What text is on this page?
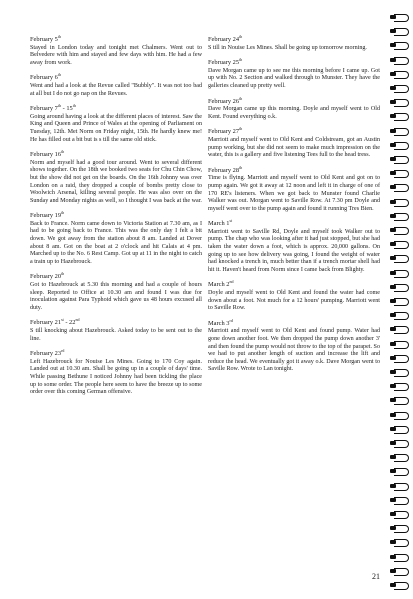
February 5th
Stayed in London today and tonight met Chalmers. Went out to Belvedere with him and stayed and few days with him. He had a few away from work.
February 6th
Went and had a look at the Revue called "Bubbly". It was not too bad at all but I do not go nap on the Revues.
February 7th - 15th
Going around having a look at the different places of interest. Saw the King and Queen and Prince of Wales at the opening of Parliament on Tuesday, 12th. Met Norm on Friday night, 15th. He hardly knew me! He has filled out a bit but is s till the same old stick.
February 16th
Norm and myself had a good tour around. Went to several different shows together. On the 18th we booked two seats for Chu Chin Chow, but the show did not get on the boards. On the 16th Johnny was over London on a raid, they dropped a couple of bombs pretty close to Woolwich Arsenal, killing several people. He was also over on the Sunday and Monday nights as well, so I thought I was back at the war.
February 19th
Back to France. Norm came down to Victoria Station at 7.30 am, as I had to be going back to France. This was the only day I felt a bit down. We got away from the station about 8 am. Landed at Dover about 8 am. Got on the boat at 2 o'clock and hit Calais at 4 pm. Marched up to the No. 6 Rest Camp. Got up at 11 in the night to catch a train up to Hazebrouck.
February 20th
Got to Hazebrouck at 5.30 this morning and had a couple of hours sleep. Reported to Office at 10.30 am and found I was due for inoculation against Para Typhoid which gave us 48 hours excused all duty.
February 21st - 22nd
S till knocking about Hazebrouck. Asked today to be sent out to the line.
February 23rd
Left Hazebrouck for Nouise Les Mines. Going to 170 Coy again. Landed out at 10.30 am. Shall be going up in a couple of days' time. While passing Bethune I noticed Johnny had been tickling the place up to some order. The people here seem to have the breeze up to some order over this coming German offensive.
February 24th
S till in Nouise Les Mines. Shall be going up tomorrow morning.
February 25th
Dave Morgan came up to see me this morning before I came up. Got up with No. 2 Section and walked through to Munster. They have the galleries cleaned up pretty well.
February 26th
Dave Morgan came up this morning. Doyle and myself went to Old Kent. Found everything o.k.
February 27th
Marriott and myself went to Old Kent and Coldstream, got an Austin pump working, but she did not seem to make much impression on the water, this is a gallery and five listening Tees full to the head tress.
February 28th
Time is flying. Marriott and myself went to Old Kent and got on to pump again. We got it away at 12 noon and left it in charge of one of 170 RE's listeners. When we got back to Munster found Charlie Walker was out. Morgan went to Saville Row. At 7.30 pm Doyle and myself went over to the pump again and found it running Tres Bien.
March 1st
Marriott went to Saville Rd, Doyle and myself took Walker out to pump. The chap who was looking after it had just stopped, but she had taken the water down a foot, which is approx. 20,000 gallons. On going up to see how delivery was going, I found the weight of water had knocked a trench in, much better than if a trench mortar shell had hit it. Haven't heard from Norm since I came back from Blighty.
March 2nd
Doyle and myself went to Old Kent and found the water had come down about a foot. Not much for a 12 hours' pumping. Marriott went to Saville Row.
March 3rd
Marriott and myself went to Old Kent and found pump. Water had gone down another foot. We then dropped the pump down another 3' and then found the pump would not throw to the top of the parapet. So we had to put another length of suction and increase the lift and reduce the head. We eventually got it away o.k. Dave Morgan went to Saville Row. Wrote to Lan tonight.
21
